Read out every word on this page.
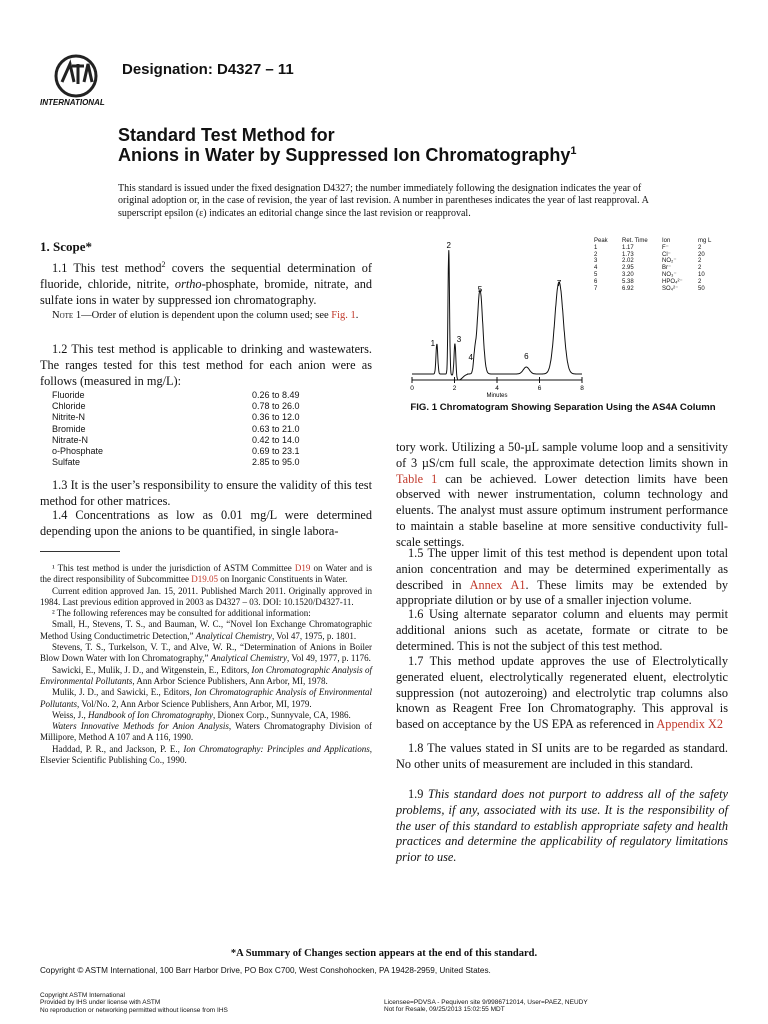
INTERNATIONAL
Designation: D4327 – 11
Standard Test Method for
Anions in Water by Suppressed Ion Chromatography$^1$
This standard is issued under the fixed designation D4327; the number immediately following the designation indicates the year of original adoption or, in the case of revision, the year of last revision. A number in parentheses indicates the year of last reapproval. A superscript epsilon (ε) indicates an editorial change since the last revision or reapproval.
1. Scope*
1.1 This test method$^2$ covers the sequential determination of fluoride, chloride, nitrite, ortho-phosphate, bromide, nitrate, and sulfate ions in water by suppressed ion chromatography.
Note 1—Order of elution is dependent upon the column used; see Fig. 1.
1.2 This test method is applicable to drinking and wastewaters. The ranges tested for this test method for each anion were as follows (measured in mg/L):
Fluoride	0.26 to 8.49
Chloride	0.78 to 26.0
Nitrite-N	0.36 to 12.0
Bromide	0.63 to 21.0
Nitrate-N	0.42 to 14.0
o-Phosphate	0.69 to 23.1
Sulfate	2.85 to 95.0
1.3 It is the user’s responsibility to ensure the validity of this test method for other matrices.
1.4 Concentrations as low as 0.01 mg/L were determined depending upon the anions to be quantified, in single labora-

¹ This test method is under the jurisdiction of ASTM Committee D19 on Water and is the direct responsibility of Subcommittee D19.05 on Inorganic Constituents in Water.

Current edition approved Jan. 15, 2011. Published March 2011. Originally approved in 1984. Last previous edition approved in 2003 as D4327 – 03. DOI: 10.1520/D4327-11.

² The following references may be consulted for additional information:

Small, H., Stevens, T. S., and Bauman, W. C., “Novel Ion Exchange Chromatographic Method Using Conductimetric Detection,” Analytical Chemistry, Vol 47, 1975, p. 1801.

Stevens, T. S., Turkelson, V. T., and Alve, W. R., “Determination of Anions in Boiler Blow Down Water with Ion Chromatography,” Analytical Chemistry, Vol 49, 1977, p. 1176.

Sawicki, E., Mulik, J. D., and Witgenstein, E., Editors, Ion Chromatographic Analysis of Environmental Pollutants, Ann Arbor Science Publishers, Ann Arbor, MI, 1978.

Mulik, J. D., and Sawicki, E., Editors, Ion Chromatographic Analysis of Environmental Pollutants, Vol/No. 2, Ann Arbor Science Publishers, Ann Arbor, MI, 1979.

Weiss, J., Handbook of Ion Chromatography, Dionex Corp., Sunnyvale, CA, 1986.

Waters Innovative Methods for Anion Analysis, Waters Chromatography Division of Millipore, Method A 107 and A 116, 1990.

Haddad, P. R., and Jackson, P. E., Ion Chromatography: Principles and Applications, Elsevier Scientific Publishing Co., 1990.

0	2	4	6	8
Minutes
1
2
3
4
5
6
7
Peak	Ret. Time	Ion	mg L
1	1.17	F⁻	2
2	1.73	Cl⁻	20
3	2.02	NO₂⁻	2
4	2.95	Br⁻	2
5	3.20	NO₃⁻	10
6	5.38	HPO₄²⁻	2
7	6.92	SO₄²⁻	50
FIG. 1 Chromatogram Showing Separation Using the AS4A Column
tory work. Utilizing a 50-µL sample volume loop and a sensitivity of 3 µS/cm full scale, the approximate detection limits shown in Table 1 can be achieved. Lower detection limits have been observed with newer instrumentation, column technology and eluents. The analyst must assure optimum instrument performance to maintain a stable baseline at more sensitive conductivity full-scale settings.
1.5 The upper limit of this test method is dependent upon total anion concentration and may be determined experimentally as described in Annex A1. These limits may be extended by appropriate dilution or by use of a smaller injection volume.
1.6 Using alternate separator column and eluents may permit additional anions such as acetate, formate or citrate to be determined. This is not the subject of this test method.
1.7 This method update approves the use of Electrolytically generated eluent, electrolytically regenerated eluent, electrolytic suppression (not autozeroing) and electrolytic trap columns also known as Reagent Free Ion Chromatography. This approval is based on acceptance by the US EPA as referenced in Appendix X2
1.8 The values stated in SI units are to be regarded as standard. No other units of measurement are included in this standard.
1.9 This standard does not purport to address all of the safety problems, if any, associated with its use. It is the responsibility of the user of this standard to establish appropriate safety and health practices and determine the applicability of regulatory limitations prior to use.
*A Summary of Changes section appears at the end of this standard.
Copyright © ASTM International, 100 Barr Harbor Drive, PO Box C700, West Conshohocken, PA 19428-2959, United States.
Copyright ASTM International
Provided by IHS under license with ASTM
No reproduction or networking permitted without license from IHS
Licensee=PDVSA - Pequiven site 9/9986712014, User=PAEZ, NEUDY
Not for Resale, 09/25/2013 15:02:55 MDT
